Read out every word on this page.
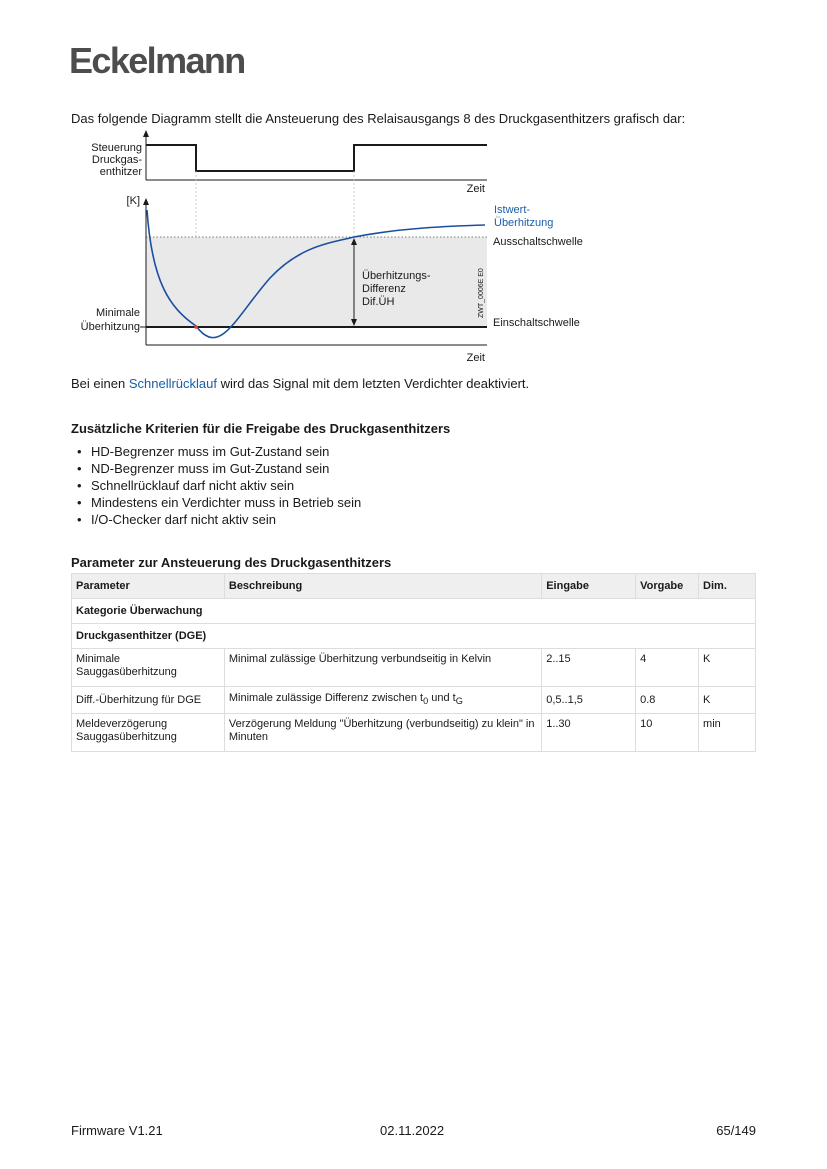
Eckelmann

Das folgende Diagramm stellt die Ansteuerung des Relaisausgangs 8 des Druckgasenthitzers grafisch dar:

Steuerung
Druckgas-
enthitzer
Zeit
[K]
Istwert-
Überhitzung
Ausschaltschwelle
Einschaltschwelle
Minimale
Überhitzung
Überhitzungs-
Differenz
Dif.ÜH	ZWT_0006E E0
Zeit

Bei einen Schnellrücklauf wird das Signal mit dem letzten Verdichter deaktiviert.

Zusätzliche Kriterien für die Freigabe des Druckgasenthitzers
• HD-Begrenzer muss im Gut-Zustand sein
• ND-Begrenzer muss im Gut-Zustand sein
• Schnellrücklauf darf nicht aktiv sein
• Mindestens ein Verdichter muss in Betrieb sein
• I/O-Checker darf nicht aktiv sein
Parameter zur Ansteuerung des Druckgasenthitzers
Parameter	Beschreibung	Eingabe	Vorgabe	Dim.
Kategorie Überwachung				
Druckgasenthitzer (DGE)				
Minimale Sauggasüberhitzung	Minimal zulässige Überhitzung verbundseitig in Kelvin	2..15	4	K
Diff.-Überhitzung für DGE	Minimale zulässige Differenz zwischen $t_0$ und $t_G$	0,5..1,5	0.8	K
Meldeverzögerung Sauggasüberhitzung	Verzögerung Meldung "Überhitzung (verbundseitig) zu klein" in Minuten	1..30	10	min
Firmware V1.21	02.11.2022	65/149
